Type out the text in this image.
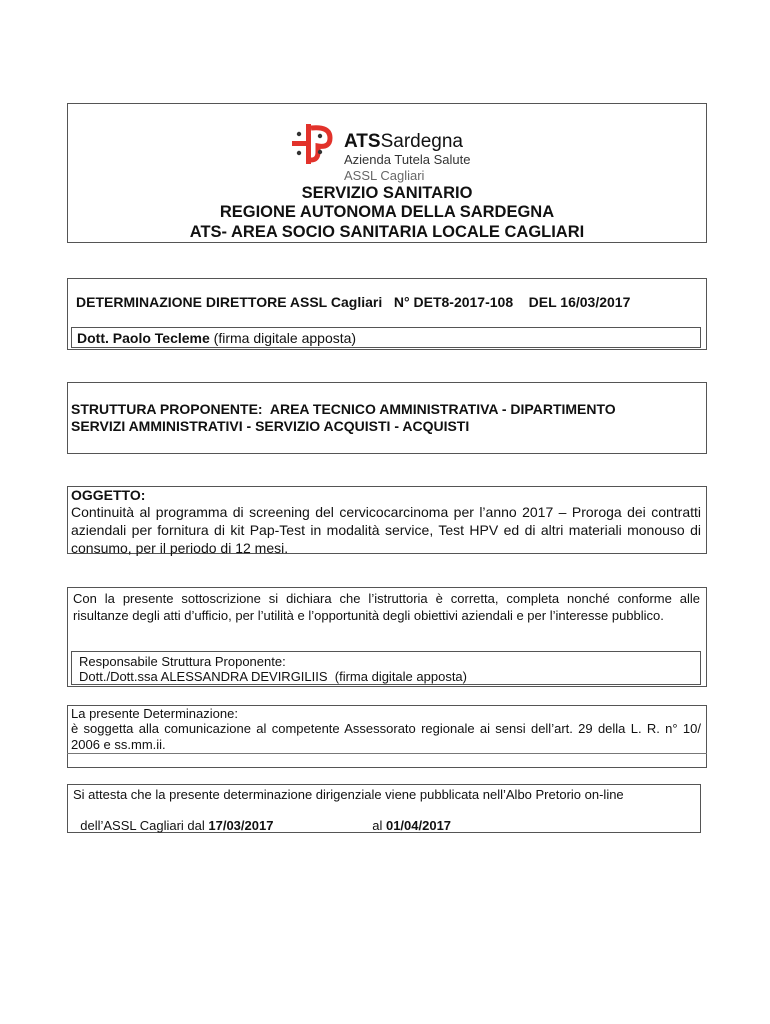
ATSSardegna
Azienda Tutela Salute
ASSL Cagliari
SERVIZIO SANITARIO
REGIONE AUTONOMA DELLA SARDEGNA
ATS- AREA SOCIO SANITARIA LOCALE CAGLIARI
DETERMINAZIONE DIRETTORE ASSL Cagliari   N° DET8-2017-108    DEL 16/03/2017
Dott. Paolo Tecleme (firma digitale apposta)
STRUTTURA PROPONENTE:  AREA TECNICO AMMINISTRATIVA - DIPARTIMENTO
SERVIZI AMMINISTRATIVI - SERVIZIO ACQUISTI - ACQUISTI
OGGETTO:
Continuità al programma di screening del cervicocarcinoma per l’anno 2017 – Proroga dei contratti aziendali per fornitura di kit Pap-Test in modalità service, Test HPV ed di altri materiali monouso di consumo, per il periodo di 12 mesi.
Con la presente sottoscrizione si dichiara che l’istruttoria è corretta, completa nonché conforme alle risultanze degli atti d’ufficio, per l’utilità e l’opportunità degli obiettivi aziendali e per l’interesse pubblico.
Responsabile Struttura Proponente:
Dott./Dott.ssa ALESSANDRA DEVIRGILIIS  (firma digitale apposta)
La presente Determinazione:
è soggetta alla comunicazione al competente Assessorato regionale ai sensi dell’art. 29 della L. R. n° 10/ 2006 e ss.mm.ii.
Si attesta che la presente determinazione dirigenziale viene pubblicata nell’Albo Pretorio on-line

dell’ASSL Cagliari dal 17/03/2017	al 01/04/2017
